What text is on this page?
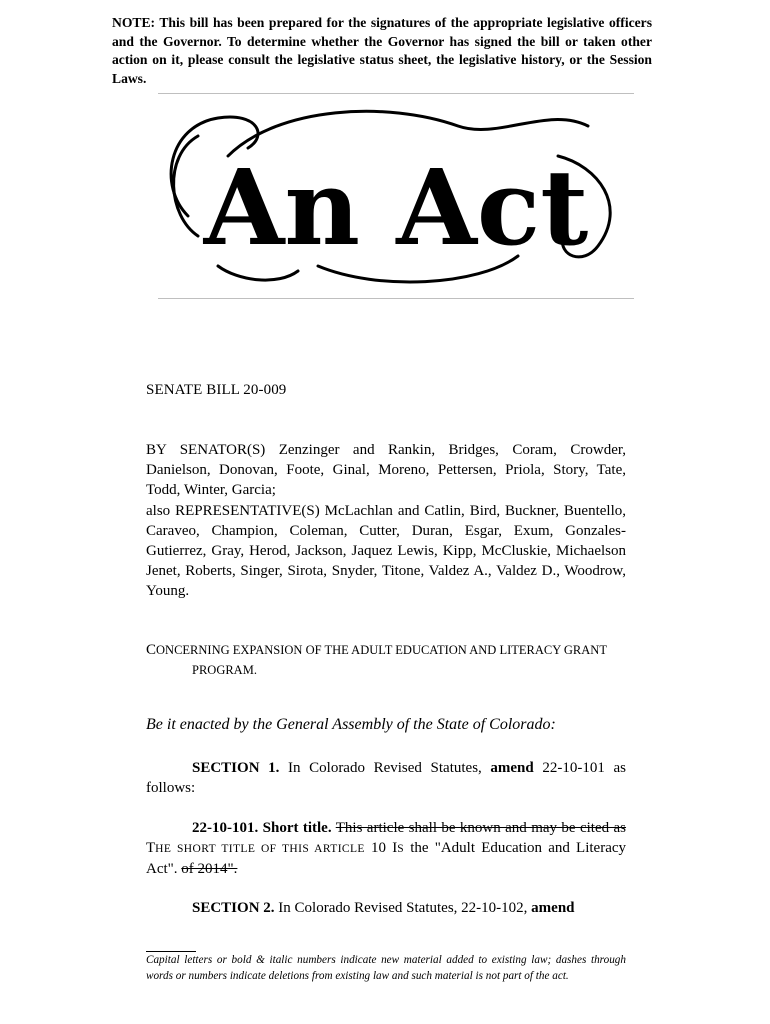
NOTE: This bill has been prepared for the signatures of the appropriate legislative officers and the Governor. To determine whether the Governor has signed the bill or taken other action on it, please consult the legislative status sheet, the legislative history, or the Session Laws.
An Act
SENATE BILL 20-009

BY SENATOR(S) Zenzinger and Rankin, Bridges, Coram, Crowder, Danielson, Donovan, Foote, Ginal, Moreno, Pettersen, Priola, Story, Tate, Todd, Winter, Garcia;

also REPRESENTATIVE(S) McLachlan and Catlin, Bird, Buckner, Buentello, Caraveo, Champion, Coleman, Cutter, Duran, Esgar, Exum, Gonzales-Gutierrez, Gray, Herod, Jackson, Jaquez Lewis, Kipp, McCluskie, Michaelson Jenet, Roberts, Singer, Sirota, Snyder, Titone, Valdez A., Valdez D., Woodrow, Young.

CONCERNING EXPANSION OF THE ADULT EDUCATION AND LITERACY GRANT
PROGRAM.
Be it enacted by the General Assembly of the State of Colorado:

SECTION 1. In Colorado Revised Statutes, amend 22-10-101 as follows:

22-10-101. Short title. This article shall be known and may be cited as THE SHORT TITLE OF THIS ARTICLE 10 IS the "Adult Education and Literacy Act". of 2014".

SECTION 2. In Colorado Revised Statutes, 22-10-102, amend

Capital letters or bold & italic numbers indicate new material added to existing law; dashes through words or numbers indicate deletions from existing law and such material is not part of the act.
